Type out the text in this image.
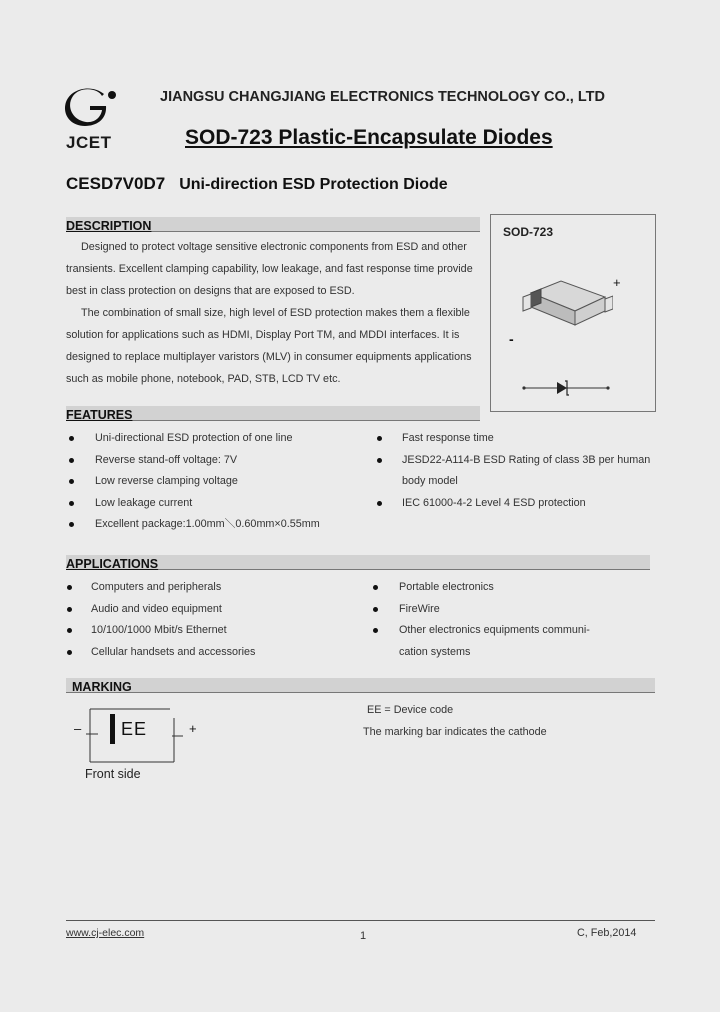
JCET
JIANGSU CHANGJIANG ELECTRONICS TECHNOLOGY CO., LTD
SOD-723 Plastic-Encapsulate Diodes
CESD7V0D7 Uni-direction ESD Protection Diode
DESCRIPTION
Designed to protect voltage sensitive electronic components from ESD and other
transients. Excellent clamping capability, low leakage, and fast response time provide
best in class protection on designs that are exposed to ESD.
The combination of small size, high level of ESD protection makes them a flexible
solution for applications such as HDMI, Display Port TM, and MDDI interfaces. It is
designed to replace multiplayer varistors (MLV) in consumer equipments applications
such as mobile phone, notebook, PAD, STB, LCD TV etc.
SOD-723
+
-
FEATURES
Uni-directional ESD protection of one line
Reverse stand-off voltage: 7V
Low reverse clamping voltage
Low leakage current
Excellent package:1.00mm＼0.60mm×0.55mm
Fast response time
JESD22-A114-B ESD Rating of class 3B per human
body model
IEC 61000-4-2 Level 4 ESD protection
APPLICATIONS
Computers and peripherals
Audio and video equipment
10/100/1000 Mbit/s Ethernet
Cellular handsets and accessories
Portable electronics
FireWire
Other electronics equipments communi-
cation systems
MARKING
– EE	+
Front side
EE = Device code
The marking bar indicates the cathode
www.cj-elec.com	1	C, Feb,2014
